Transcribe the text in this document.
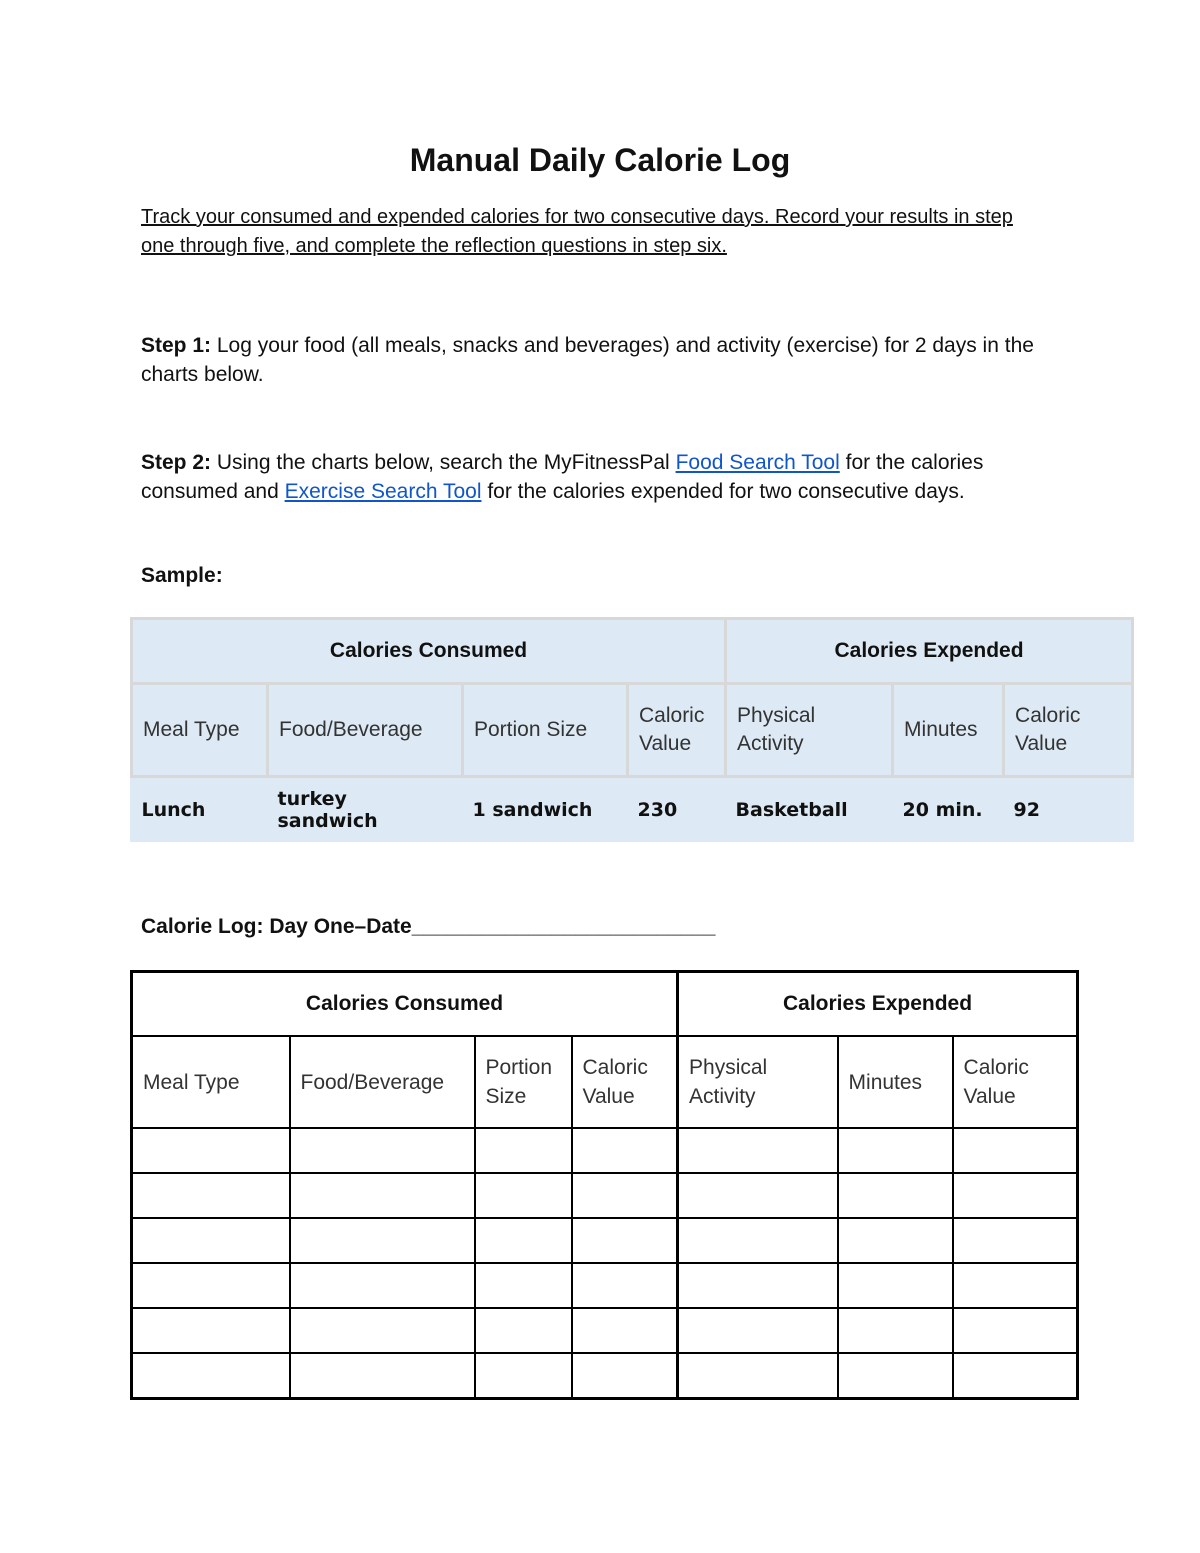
Manual Daily Calorie Log
Track your consumed and expended calories for two consecutive days. Record your results in step one through five, and complete the reflection questions in step six.
Step 1: Log your food (all meals, snacks and beverages) and activity (exercise) for 2 days in the charts below.
Step 2: Using the charts below, search the MyFitnessPal Food Search Tool for the calories consumed and Exercise Search Tool for the calories expended for two consecutive days.
Sample:
Calories Consumed				Calories Expended		
Meal Type	Food/Beverage	Portion Size	Caloric Value	Physical Activity	Minutes	Caloric Value
Lunch	turkey sandwich	1 sandwich	230	Basketball	20 min.	92
Calorie Log: Day One–Date__________________________
Calories Consumed				Calories Expended		
Meal Type	Food/Beverage	Portion Size	Caloric Value	Physical Activity	Minutes	Caloric Value
